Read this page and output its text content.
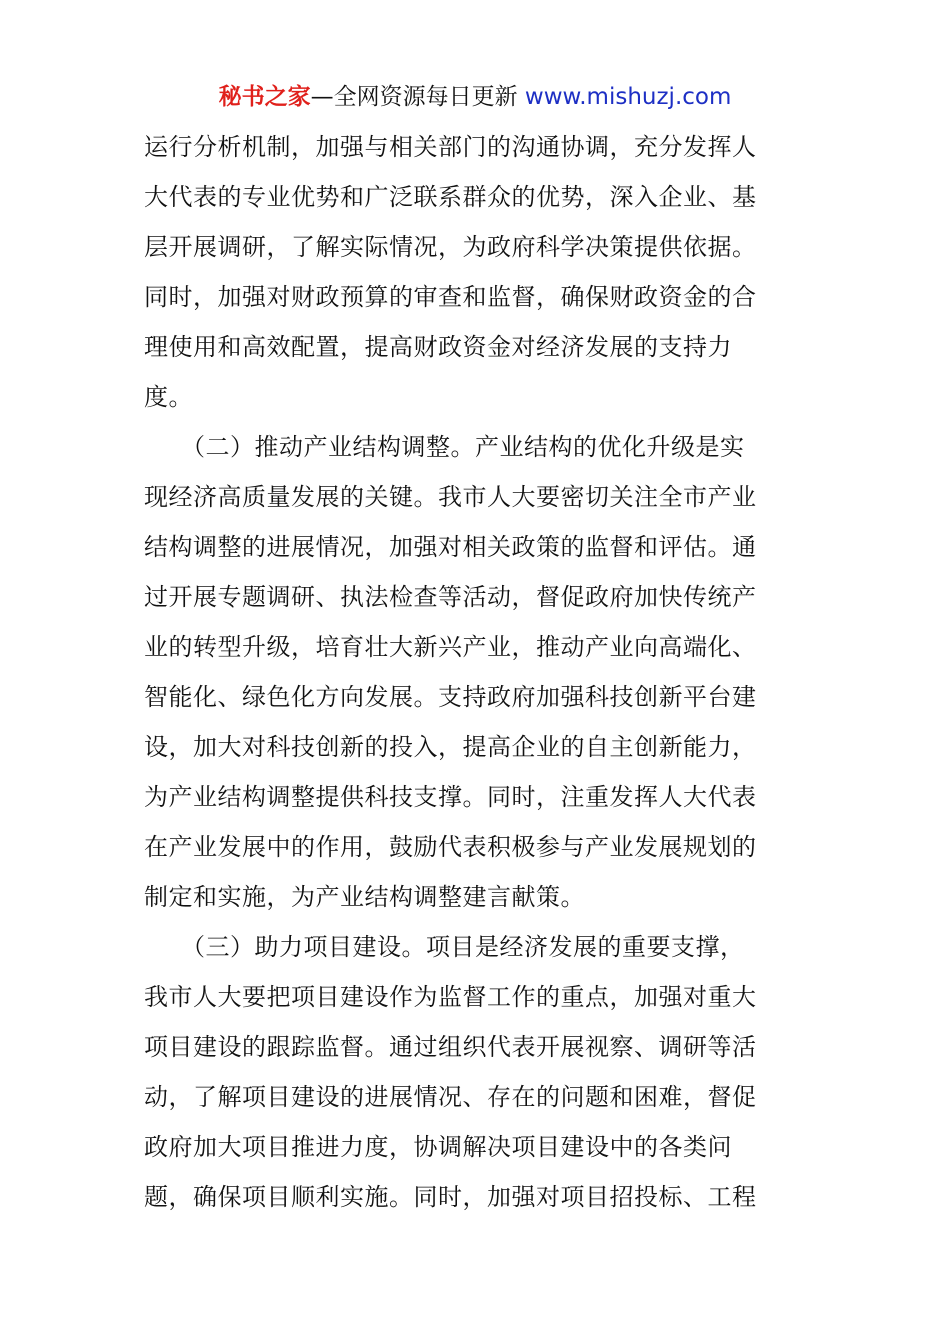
秘书之家—全网资源每日更新 www.mishuzj.com
运行分析机制，加强与相关部门的沟通协调，充分发挥人
大代表的专业优势和广泛联系群众的优势，深入企业、基
层开展调研，了解实际情况，为政府科学决策提供依据。
同时，加强对财政预算的审查和监督，确保财政资金的合
理使用和高效配置，提高财政资金对经济发展的支持力
度。
　　（二）推动产业结构调整。产业结构的优化升级是实
现经济高质量发展的关键。我市人大要密切关注全市产业
结构调整的进展情况，加强对相关政策的监督和评估。通
过开展专题调研、执法检查等活动，督促政府加快传统产
业的转型升级，培育壮大新兴产业，推动产业向高端化、
智能化、绿色化方向发展。支持政府加强科技创新平台建
设，加大对科技创新的投入，提高企业的自主创新能力，
为产业结构调整提供科技支撑。同时，注重发挥人大代表
在产业发展中的作用，鼓励代表积极参与产业发展规划的
制定和实施，为产业结构调整建言献策。
　　（三）助力项目建设。项目是经济发展的重要支撑，
我市人大要把项目建设作为监督工作的重点，加强对重大
项目建设的跟踪监督。通过组织代表开展视察、调研等活
动，了解项目建设的进展情况、存在的问题和困难，督促
政府加大项目推进力度，协调解决项目建设中的各类问
题，确保项目顺利实施。同时，加强对项目招投标、工程
